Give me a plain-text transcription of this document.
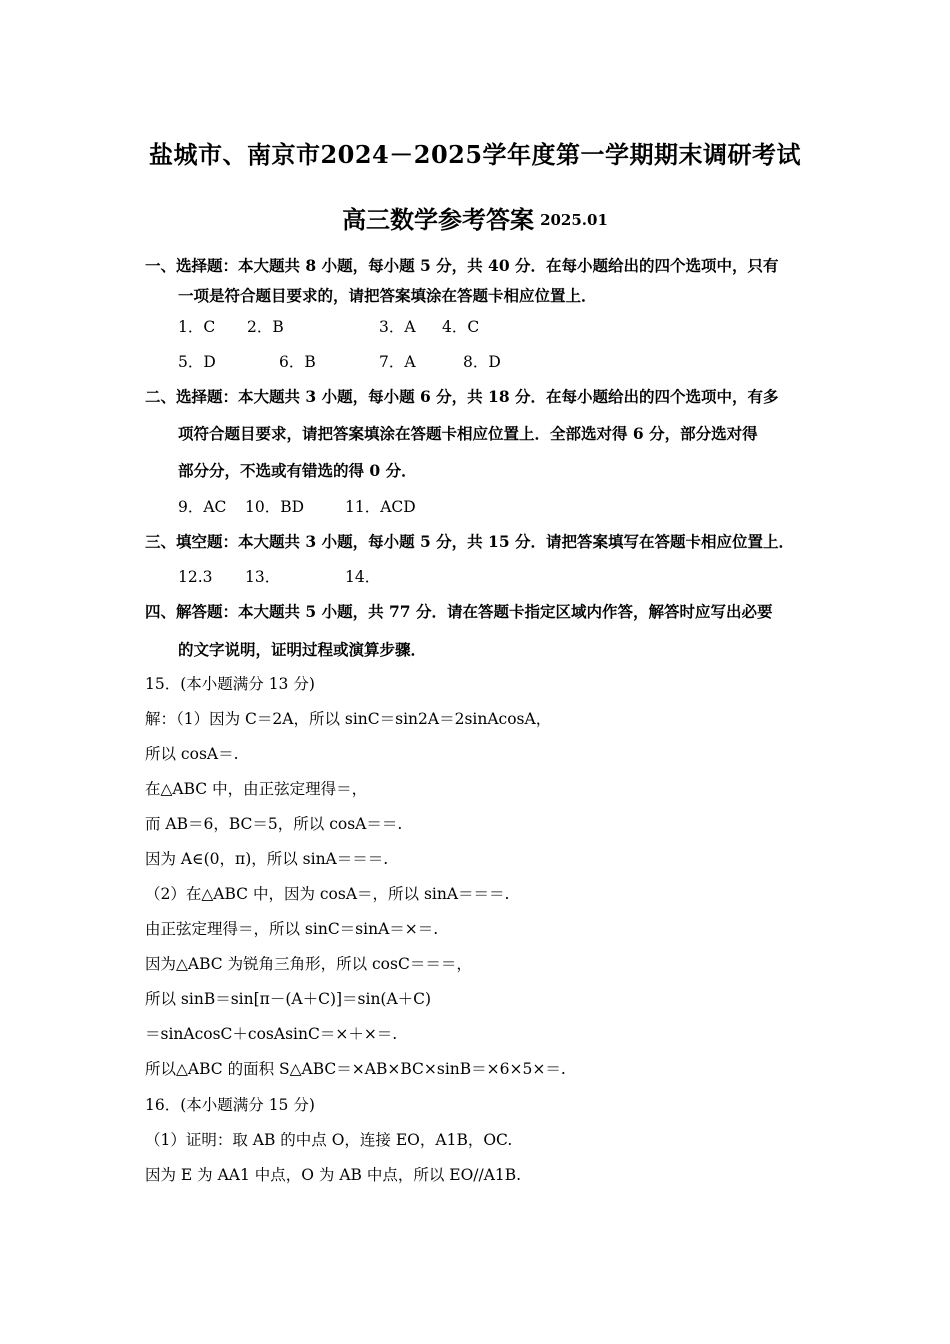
盐城市、南京市2024－2025学年度第一学期期末调研考试
高三数学参考答案 2025.01
一、选择题：本大题共 8 小题，每小题 5 分，共 40 分．在每小题给出的四个选项中，只有
一项是符合题目要求的，请把答案填涂在答题卡相应位置上．
1．C 2．B	3．A 4．C
5．D	6．B	7．A	8．D
二、选择题：本大题共 3 小题，每小题 6 分，共 18 分．在每小题给出的四个选项中，有多
项符合题目要求，请把答案填涂在答题卡相应位置上．全部选对得 6 分，部分选对得
部分分，不选或有错选的得 0 分．
9．AC 10．BD	11．ACD
三、填空题：本大题共 3 小题，每小题 5 分，共 15 分．请把答案填写在答题卡相应位置上．
12.3 13．	14．
四、解答题：本大题共 5 小题，共 77 分．请在答题卡指定区域内作答，解答时应写出必要
的文字说明，证明过程或演算步骤．
15．(本小题满分 13 分)
解：（1）因为 C＝2A，所以 sinC＝sin2A＝2sinAcosA，
所以 cosA＝.
在△ABC 中，由正弦定理得＝，
而 AB＝6，BC＝5，所以 cosA＝＝.
因为 A∈(0，π)，所以 sinA＝＝＝.
（2）在△ABC 中，因为 cosA＝，所以 sinA＝＝＝.
由正弦定理得＝，所以 sinC＝sinA＝×＝.
因为△ABC 为锐角三角形，所以 cosC＝＝＝，
所以 sinB＝sin[π－(A＋C)]＝sin(A＋C)
＝sinAcosC＋cosAsinC＝×＋×＝.
所以△ABC 的面积 S△ABC＝×AB×BC×sinB＝×6×5×＝.
16．(本小题满分 15 分)
（1）证明：取 AB 的中点 O，连接 EO，A1B，OC.
因为 E 为 AA1 中点，O 为 AB 中点，所以 EO//A1B.
